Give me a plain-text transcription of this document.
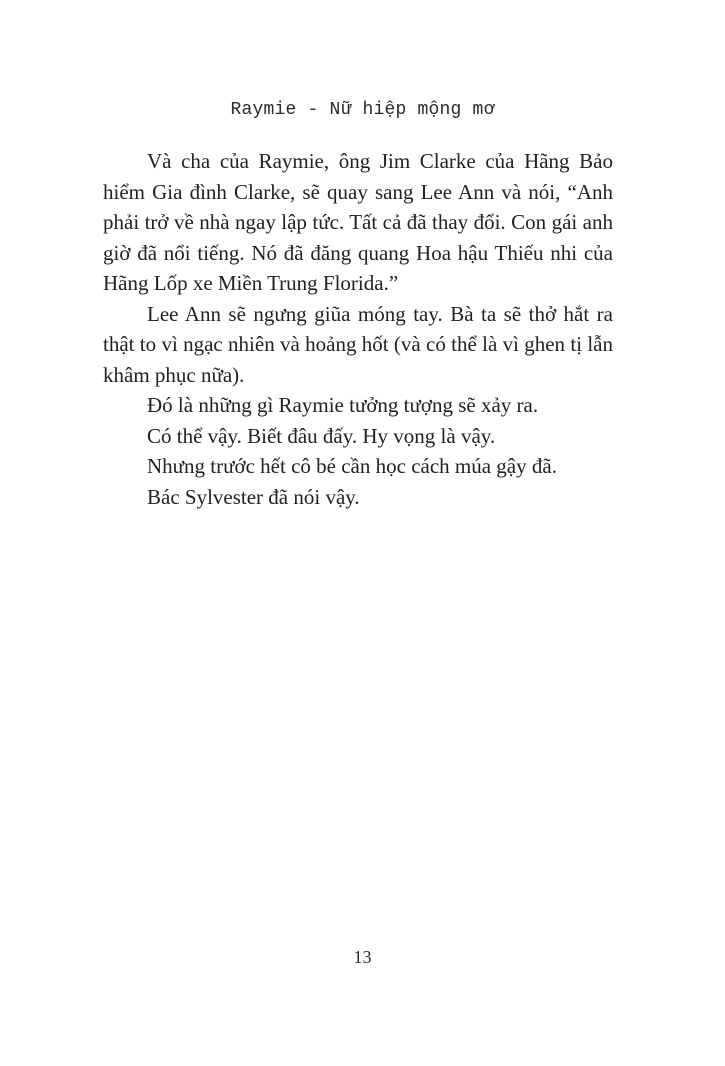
Raymie - Nữ hiệp mộng mơ

Và cha của Raymie, ông Jim Clarke của Hãng Bảo hiểm Gia đình Clarke, sẽ quay sang Lee Ann và nói, “Anh phải trở về nhà ngay lập tức. Tất cả đã thay đổi. Con gái anh giờ đã nổi tiếng. Nó đã đăng quang Hoa hậu Thiếu nhi của Hãng Lốp xe Miền Trung Florida.”

Lee Ann sẽ ngưng giũa móng tay. Bà ta sẽ thở hắt ra thật to vì ngạc nhiên và hoảng hốt (và có thể là vì ghen tị lẫn khâm phục nữa).

Đó là những gì Raymie tưởng tượng sẽ xảy ra.

Có thể vậy. Biết đâu đấy. Hy vọng là vậy.

Nhưng trước hết cô bé cần học cách múa gậy đã.

Bác Sylvester đã nói vậy.

13
